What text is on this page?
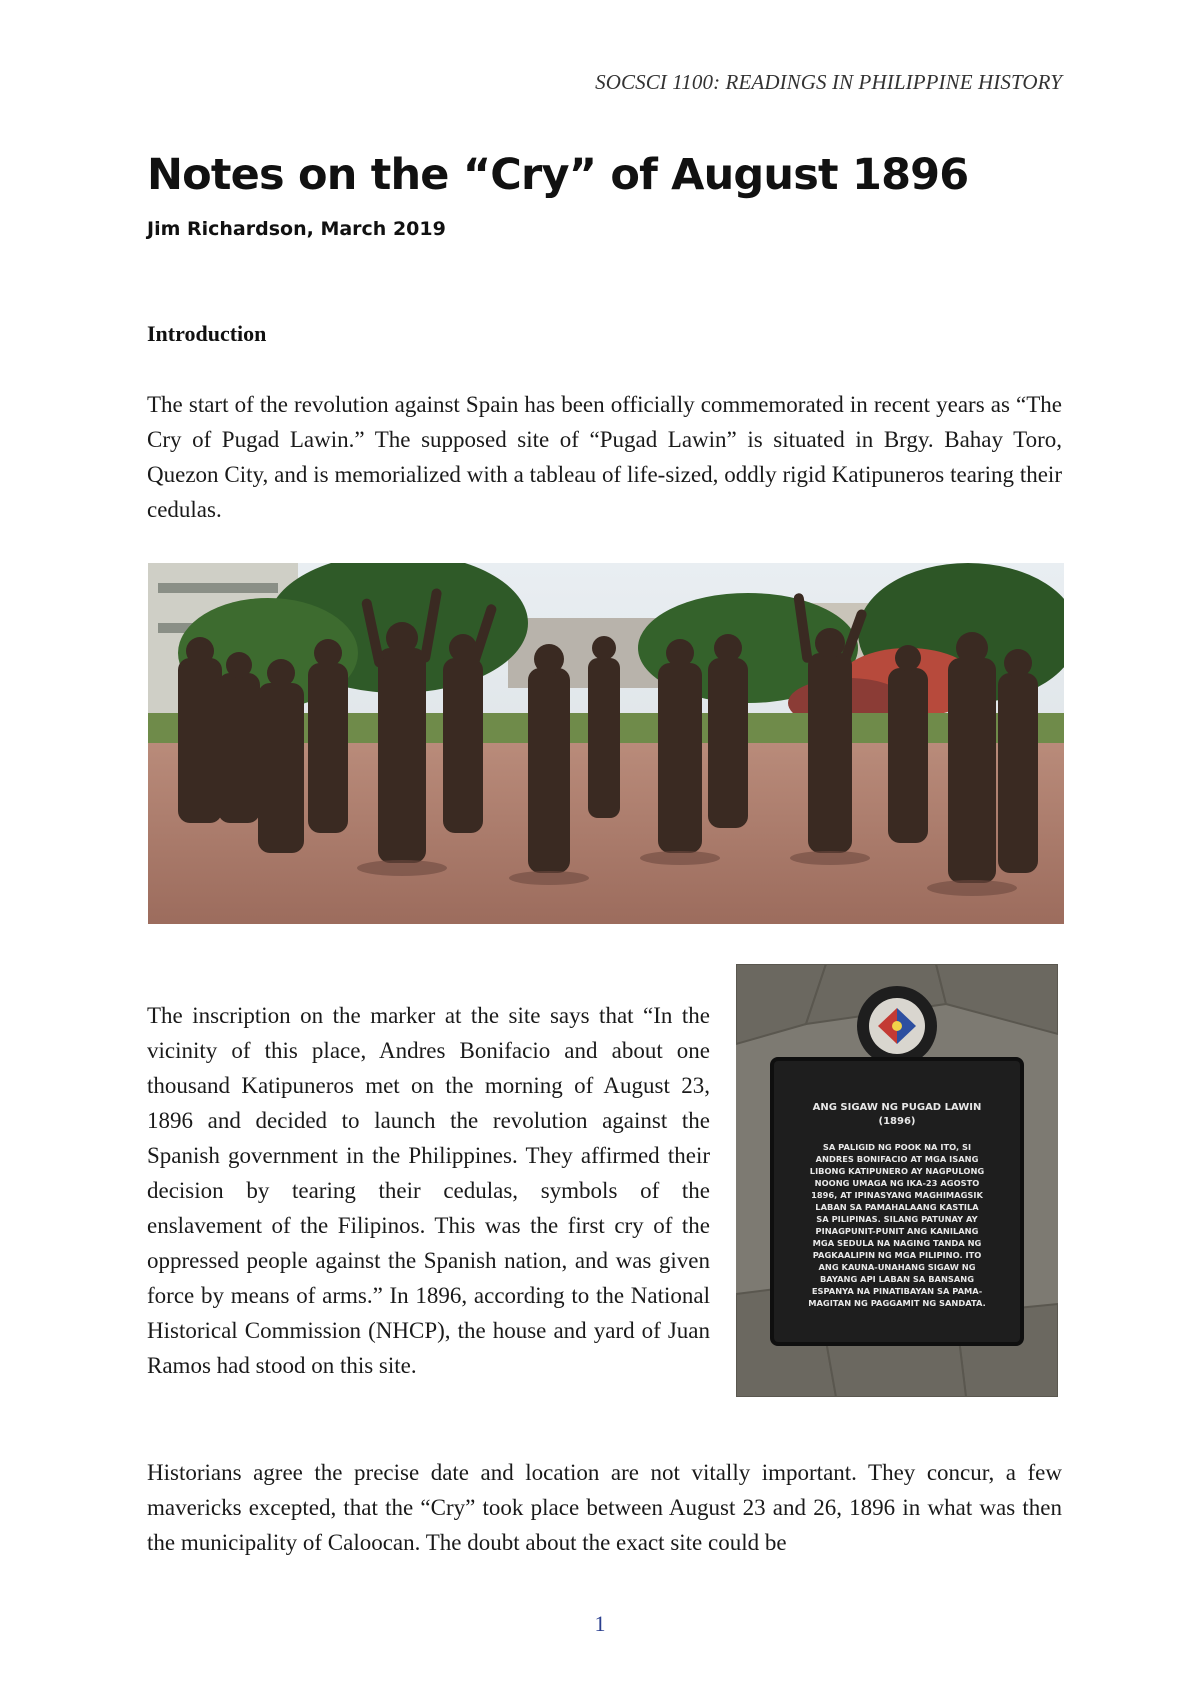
SOCSCI 1100: READINGS IN PHILIPPINE HISTORY
Notes on the “Cry” of August 1896
Jim Richardson, March 2019
Introduction

The start of the revolution against Spain has been officially commemorated in recent years as “The Cry of Pugad Lawin.” The supposed site of “Pugad Lawin” is situated in Brgy. Bahay Toro, Quezon City, and is memorialized with a tableau of life-sized, oddly rigid Katipuneros tearing their cedulas.

The inscription on the marker at the site says that “In the vicinity of this place, Andres Bonifacio and about one thousand Katipuneros met on the morning of August 23, 1896 and decided to launch the revolution against the Spanish government in the Philippines. They affirmed their decision by tearing their cedulas, symbols of the enslavement of the Filipinos. This was the first cry of the oppressed people against the Spanish nation, and was given force by means of arms.” In 1896, according to the National Historical Commission (NHCP), the house and yard of Juan Ramos had stood on this site.

ANG SIGAW NG PUGAD LAWIN
(1896)
SA PALIGID NG POOK NA ITO, SI
ANDRES BONIFACIO AT MGA ISANG
LIBONG KATIPUNERO AY NAGPULONG
NOONG UMAGA NG IKA-23 AGOSTO
1896, AT IPINASYANG MAGHIMAGSIK
LABAN SA PAMAHALAANG KASTILA
SA PILIPINAS. SILANG PATUNAY AY
PINAGPUNIT-PUNIT ANG KANILANG
MGA SEDULA NA NAGING TANDA NG
PAGKAALIPIN NG MGA PILIPINO. ITO
ANG KAUNA-UNAHANG SIGAW NG
BAYANG API LABAN SA BANSANG
ESPANYA NA PINATIBAYAN SA PAMA-
MAGITAN NG PAGGAMIT NG SANDATA.

Historians agree the precise date and location are not vitally important. They concur, a few mavericks excepted, that the “Cry” took place between August 23 and 26, 1896 in what was then the municipality of Caloocan. The doubt about the exact site could be

1
